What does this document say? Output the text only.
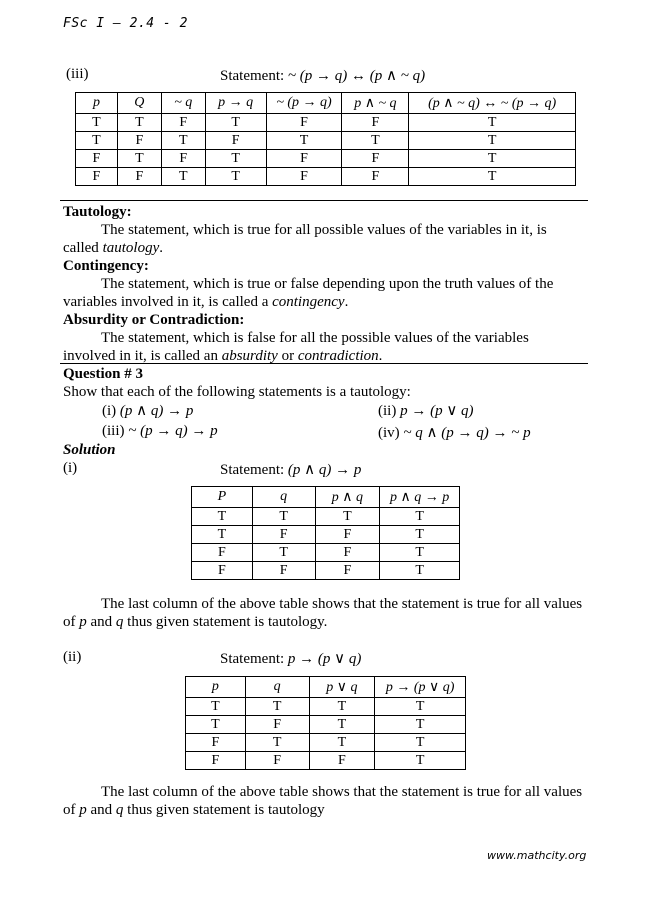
FSc I – 2.4 - 2
(iii)	Statement: ~ (p → q) ↔ (p ∧ ~ q)
p	Q	~ q	p → q	~ (p → q)	p ∧ ~ q	(p ∧ ~ q) ↔ ~ (p → q)
T	T	F	T	F	F	T
T	F	T	F	T	T	T
F	T	F	T	F	F	T
F	F	T	T	F	F	T
Tautology:
The statement, which is true for all possible values of the variables in it, is called tautology.
Contingency:
The statement, which is true or false depending upon the truth values of the variables involved in it, is called a contingency.
Absurdity or Contradiction:
The statement, which is false for all the possible values of the variables involved in it, is called an absurdity or contradiction.
Question # 3
Show that each of the following statements is a tautology:
(i) (p ∧ q) → p	(ii) p → (p ∨ q)
(iii) ~ (p → q) → p	(iv) ~ q ∧ (p → q) → ~ p
Solution
(i)	Statement: (p ∧ q) → p
P	q	p ∧ q	p ∧ q → p
T	T	T	T
T	F	F	T
F	T	F	T
F	F	F	T
The last column of the above table shows that the statement is true for all values of p and q thus given statement is tautology.
(ii)	Statement: p → (p ∨ q)
p	q	p ∨ q	p → (p ∨ q)
T	T	T	T
T	F	T	T
F	T	T	T
F	F	F	T
The last column of the above table shows that the statement is true for all values of p and q thus given statement is tautology
www.mathcity.org
